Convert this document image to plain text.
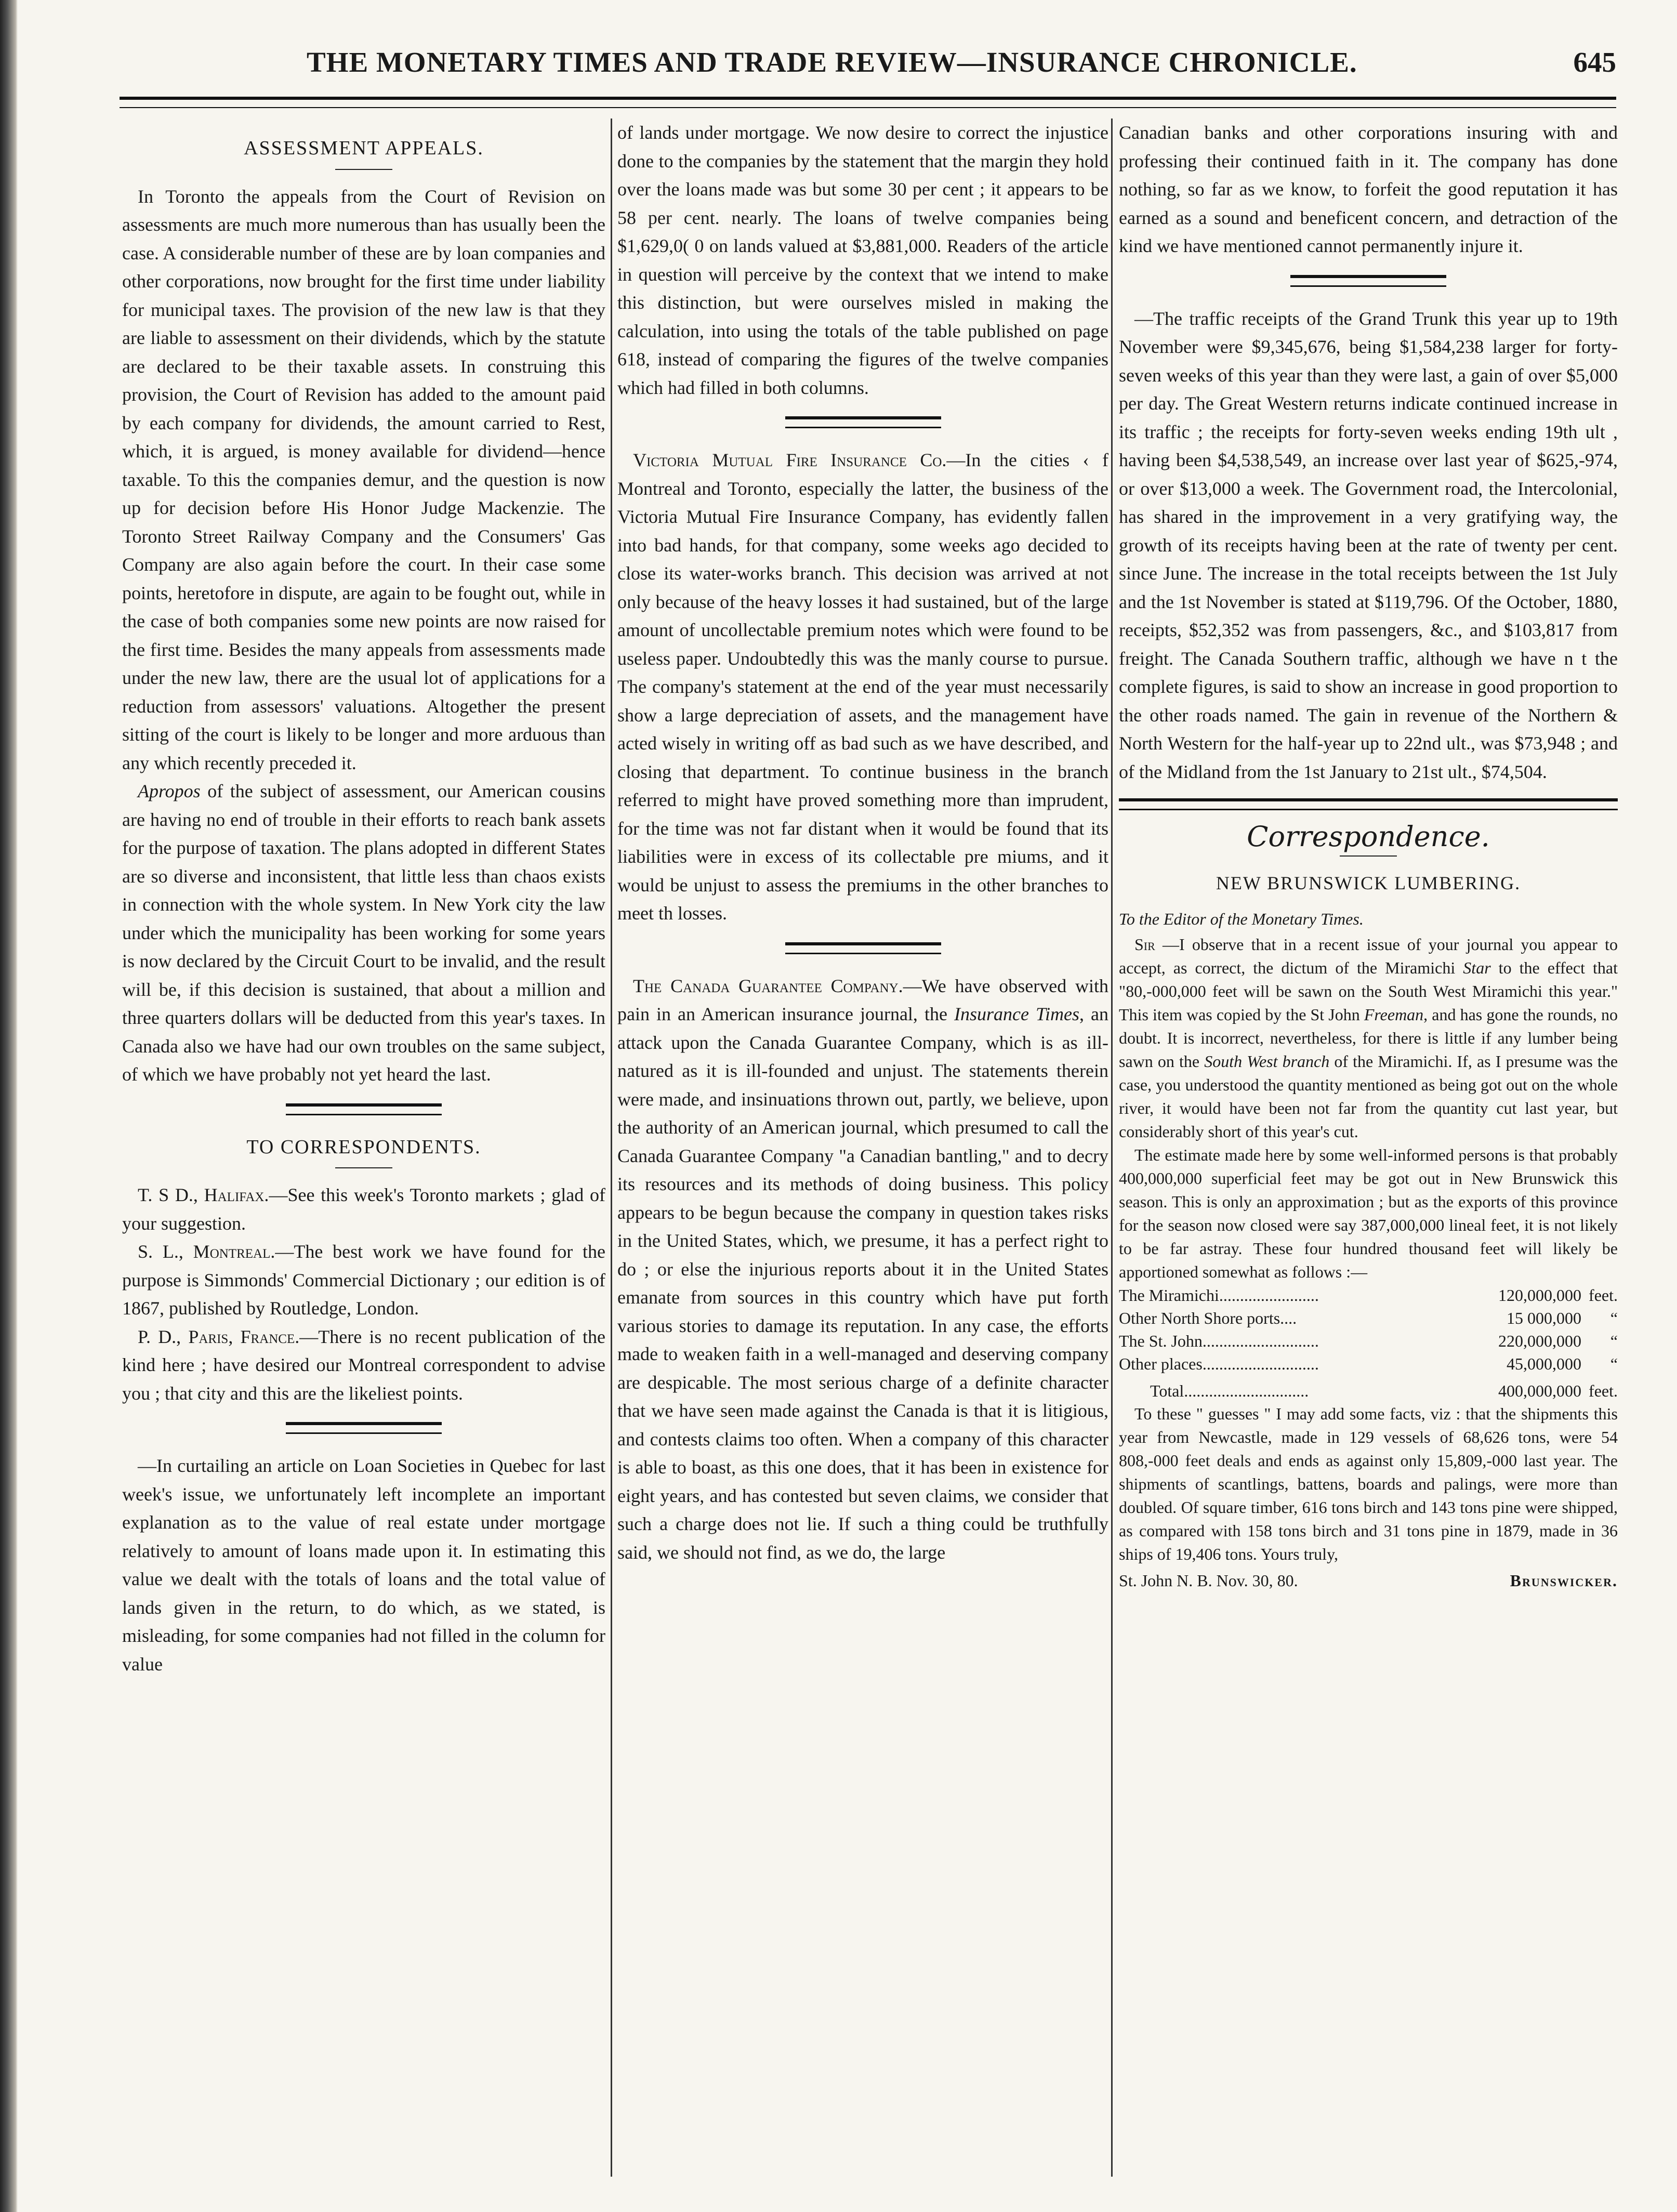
THE MONETARY TIMES AND TRADE REVIEW—INSURANCE CHRONICLE.	645
ASSESSMENT APPEALS.

In Toronto the appeals from the Court of Revision on assessments are much more numerous than has usually been the case. A considerable number of these are by loan companies and other corporations, now brought for the first time under liability for municipal taxes. The provision of the new law is that they are liable to assessment on their dividends, which by the statute are declared to be their taxable assets. In construing this provision, the Court of Revision has added to the amount paid by each company for dividends, the amount carried to Rest, which, it is argued, is money available for dividend—hence taxable. To this the companies demur, and the question is now up for decision before His Honor Judge Mackenzie. The Toronto Street Railway Company and the Consumers' Gas Company are also again before the court. In their case some points, heretofore in dispute, are again to be fought out, while in the case of both companies some new points are now raised for the first time. Besides the many appeals from assessments made under the new law, there are the usual lot of applications for a reduction from assessors' valuations. Altogether the present sitting of the court is likely to be longer and more arduous than any which recently preceded it.

Apropos of the subject of assessment, our American cousins are having no end of trouble in their efforts to reach bank assets for the purpose of taxation. The plans adopted in different States are so diverse and inconsistent, that little less than chaos exists in connection with the whole system. In New York city the law under which the municipality has been working for some years is now declared by the Circuit Court to be invalid, and the result will be, if this decision is sustained, that about a million and three quarters dollars will be deducted from this year's taxes. In Canada also we have had our own troubles on the same subject, of which we have probably not yet heard the last.

TO CORRESPONDENTS.

T. S D., Halifax.—See this week's Toronto markets ; glad of your suggestion.

S. L., Montreal.—The best work we have found for the purpose is Simmonds' Commercial Dictionary ; our edition is of 1867, published by Routledge, London.

P. D., Paris, France.—There is no recent publication of the kind here ; have desired our Montreal correspondent to advise you ; that city and this are the likeliest points.

—In curtailing an article on Loan Societies in Quebec for last week's issue, we unfortunately left incomplete an important explanation as to the value of real estate under mortgage relatively to amount of loans made upon it. In estimating this value we dealt with the totals of loans and the total value of lands given in the return, to do which, as we stated, is misleading, for some companies had not filled in the column for value

of lands under mortgage. We now desire to correct the injustice done to the companies by the statement that the margin they hold over the loans made was but some 30 per cent ; it appears to be 58 per cent. nearly. The loans of twelve companies being $1,629,0( 0 on lands valued at $3,881,000. Readers of the article in question will perceive by the context that we intend to make this distinction, but were ourselves misled in making the calculation, into using the totals of the table published on page 618, instead of comparing the figures of the twelve companies which had filled in both columns.

Victoria Mutual Fire Insurance Co.—In the cities ‹ f Montreal and Toronto, especially the latter, the business of the Victoria Mutual Fire Insurance Company, has evidently fallen into bad hands, for that company, some weeks ago decided to close its water-works branch. This decision was arrived at not only because of the heavy losses it had sustained, but of the large amount of uncollectable premium notes which were found to be useless paper. Undoubtedly this was the manly course to pursue. The company's statement at the end of the year must necessarily show a large depreciation of assets, and the management have acted wisely in writing off as bad such as we have described, and closing that department. To continue business in the branch referred to might have proved something more than imprudent, for the time was not far distant when it would be found that its liabilities were in excess of its collectable pre miums, and it would be unjust to assess the premiums in the other branches to meet th losses.

The Canada Guarantee Company.—We have observed with pain in an American insurance journal, the Insurance Times, an attack upon the Canada Guarantee Company, which is as ill-natured as it is ill-founded and unjust. The statements therein were made, and insinuations thrown out, partly, we believe, upon the authority of an American journal, which presumed to call the Canada Guarantee Company "a Canadian bantling," and to decry its resources and its methods of doing business. This policy appears to be begun because the company in question takes risks in the United States, which, we presume, it has a perfect right to do ; or else the injurious reports about it in the United States emanate from sources in this country which have put forth various stories to damage its reputation. In any case, the efforts made to weaken faith in a well-managed and deserving company are despicable. The most serious charge of a definite character that we have seen made against the Canada is that it is litigious, and contests claims too often. When a company of this character is able to boast, as this one does, that it has been in existence for eight years, and has contested but seven claims, we consider that such a charge does not lie. If such a thing could be truthfully said, we should not find, as we do, the large

Canadian banks and other corporations insuring with and professing their continued faith in it. The company has done nothing, so far as we know, to forfeit the good reputation it has earned as a sound and beneficent concern, and detraction of the kind we have mentioned cannot permanently injure it.

—The traffic receipts of the Grand Trunk this year up to 19th November were $9,345,676, being $1,584,238 larger for forty-seven weeks of this year than they were last, a gain of over $5,000 per day. The Great Western returns indicate continued increase in its traffic ; the receipts for forty-seven weeks ending 19th ult , having been $4,538,549, an increase over last year of $625,-974, or over $13,000 a week. The Government road, the Intercolonial, has shared in the improvement in a very gratifying way, the growth of its receipts having been at the rate of twenty per cent. since June. The increase in the total receipts between the 1st July and the 1st November is stated at $119,796. Of the October, 1880, receipts, $52,352 was from passengers, &c., and $103,817 from freight. The Canada Southern traffic, although we have n t the complete figures, is said to show an increase in good proportion to the other roads named. The gain in revenue of the Northern & North Western for the half-year up to 22nd ult., was $73,948 ; and of the Midland from the 1st January to 21st ult., $74,504.

Correspondence.
NEW BRUNSWICK LUMBERING.
To the Editor of the Monetary Times.

Sir —I observe that in a recent issue of your journal you appear to accept, as correct, the dictum of the Miramichi Star to the effect that "80,-000,000 feet will be sawn on the South West Miramichi this year." This item was copied by the St John Freeman, and has gone the rounds, no doubt. It is incorrect, nevertheless, for there is little if any lumber being sawn on the South West branch of the Miramichi. If, as I presume was the case, you understood the quantity mentioned as being got out on the whole river, it would have been not far from the quantity cut last year, but considerably short of this year's cut.

The estimate made here by some well-informed persons is that probably 400,000,000 superficial feet may be got out in New Brunswick this season. This is only an approximation ; but as the exports of this province for the season now closed were say 387,000,000 lineal feet, it is not likely to be far astray. These four hundred thousand feet will likely be apportioned somewhat as follows :—

The Miramichi........................	120,000,000	feet.
Other North Shore ports....	15 000,000	“
The St. John............................	220,000,000	“
Other places............................	45,000,000	“
Total..............................	400,000,000	feet.

To these " guesses " I may add some facts, viz : that the shipments this year from Newcastle, made in 129 vessels of 68,626 tons, were 54 808,-000 feet deals and ends as against only 15,809,-000 last year. The shipments of scantlings, battens, boards and palings, were more than doubled. Of square timber, 616 tons birch and 143 tons pine were shipped, as compared with 158 tons birch and 31 tons pine in 1879, made in 36 ships of 19,406 tons. Yours truly,

St. John N. B. Nov. 30, 80.	Brunswicker.
